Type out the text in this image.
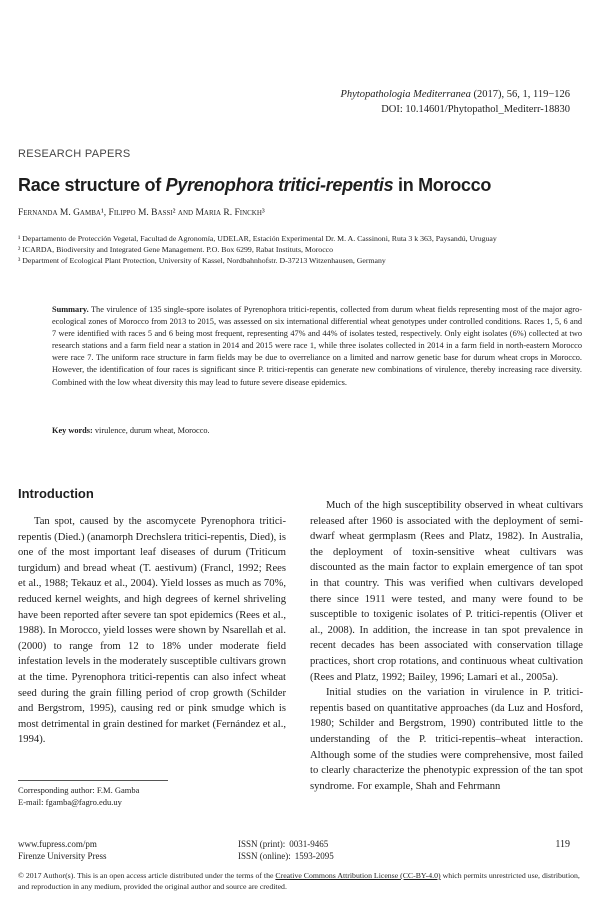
Phytopathologia Mediterranea (2017), 56, 1, 119−126
DOI: 10.14601/Phytopathol_Mediterr-18830
RESEARCH PAPERS
Race structure of Pyrenophora tritici-repentis in Morocco
Fernanda M. Gamba¹, Filippo M. Bassi² and Maria R. Finckh³
¹ Departamento de Protección Vegetal, Facultad de Agronomía, UDELAR, Estación Experimental Dr. M. A. Cassinoni, Ruta 3 k 363, Paysandú, Uruguay
² ICARDA, Biodiversity and Integrated Gene Management. P.O. Box 6299, Rabat Instituts, Morocco
³ Department of Ecological Plant Protection, University of Kassel, Nordbahnhofstr. D-37213 Witzenhausen, Germany
Summary. The virulence of 135 single-spore isolates of Pyrenophora tritici-repentis, collected from durum wheat fields representing most of the major agro-ecological zones of Morocco from 2013 to 2015, was assessed on six international differential wheat genotypes under controlled conditions. Races 1, 5, 6 and 7 were identified with races 5 and 6 being most frequent, representing 47% and 44% of isolates tested, respectively. Only eight isolates (6%) collected at two research stations and a farm field near a station in 2014 and 2015 were race 1, while three isolates collected in 2014 in a farm field in north-eastern Morocco were race 7. The uniform race structure in farm fields may be due to overreliance on a limited and narrow genetic base for durum wheat crops in Morocco. However, the identification of four races is significant since P. tritici-repentis can generate new combinations of virulence, thereby increasing race diversity. Combined with the low wheat diversity this may lead to future severe disease epidemics.
Key words: virulence, durum wheat, Morocco.
Introduction

Tan spot, caused by the ascomycete Pyrenophora tritici-repentis (Died.) (anamorph Drechslera tritici-repentis, Died), is one of the most important leaf diseases of durum (Triticum turgidum) and bread wheat (T. aestivum) (Francl, 1992; Rees et al., 1988; Tekauz et al., 2004). Yield losses as much as 70%, reduced kernel weights, and high degrees of kernel shriveling have been reported after severe tan spot epidemics (Rees et al., 1988). In Morocco, yield losses were shown by Nsarellah et al. (2000) to range from 12 to 18% under moderate field infestation levels in the moderately susceptible cultivars grown at the time. Pyrenophora tritici-repentis can also infect wheat seed during the grain filling period of crop growth (Schilder and Bergstrom, 1995), causing red or pink smudge which is most detrimental in grain destined for market (Fernández et al., 1994).

Much of the high susceptibility observed in wheat cultivars released after 1960 is associated with the deployment of semi-dwarf wheat germplasm (Rees and Platz, 1982). In Australia, the deployment of toxin-sensitive wheat cultivars was discounted as the main factor to explain emergence of tan spot in that country. This was verified when cultivars developed there since 1911 were tested, and many were found to be susceptible to toxigenic isolates of P. tritici-repentis (Oliver et al., 2008). In addition, the increase in tan spot prevalence in recent decades has been associated with conservation tillage practices, short crop rotations, and continuous wheat cultivation (Rees and Platz, 1992; Bailey, 1996; Lamari et al., 2005a).

Initial studies on the variation in virulence in P. tritici-repentis based on quantitative approaches (da Luz and Hosford, 1980; Schilder and Bergstrom, 1990) contributed little to the understanding of the P. tritici-repentis–wheat interaction. Although some of the studies were comprehensive, most failed to clearly characterize the phenotypic expression of the tan spot syndrome. For example, Shah and Fehrmann

Corresponding author: F.M. Gamba
E-mail: fgamba@fagro.edu.uy
www.fupress.com/pm
Firenze University Press
ISSN (print): 0031-9465
ISSN (online): 1593-2095
119
© 2017 Author(s). This is an open access article distributed under the terms of the Creative Commons Attribution License (CC-BY-4.0) which permits unrestricted use, distribution, and reproduction in any medium, provided the original author and source are credited.
